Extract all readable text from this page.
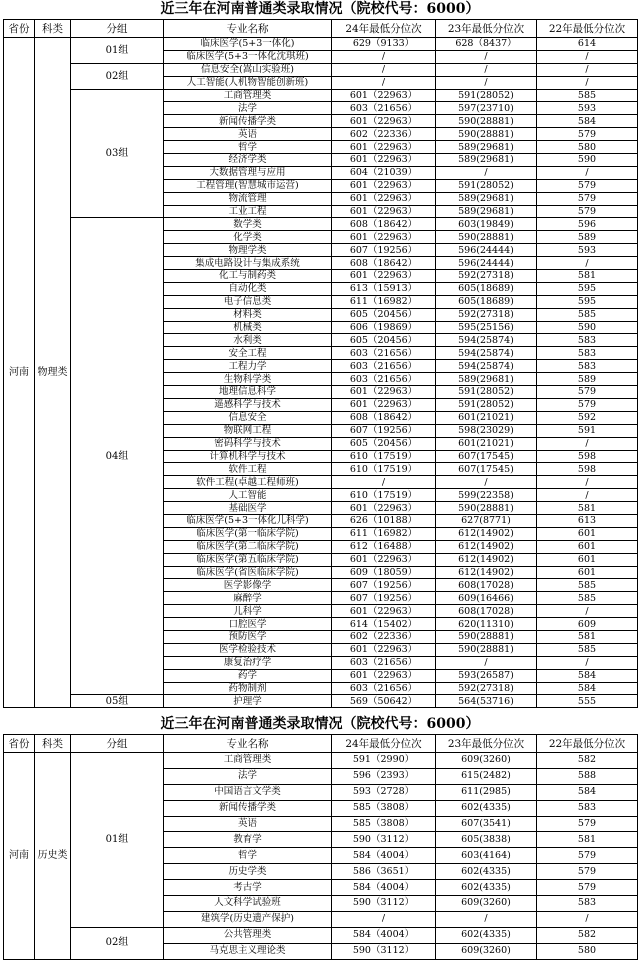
近三年在河南普通类录取情况（院校代号：6000）
省份	科类	分组	专业名称	24年最低分位次	23年最低分位次	22年最低分位次
河南	物理类	01组	临床医学(5+3一体化)	629（9133）	628（8437）	614
			临床医学(5+3一体化沈琪班)	/	/	/
		02组	信息安全(嵩山实验班)	/	/	/
			人工智能(人机物智能创新班)	/	/	/
		03组	工商管理类	601（22963）	591(28052)	585
			法学	603（21656）	597(23710)	593
			新闻传播学类	601（22963）	590(28881)	584
			英语	602（22336）	590(28881)	579
			哲学	601（22963）	589(29681)	580
			经济学类	601（22963）	589(29681)	590
			大数据管理与应用	604（21039）	/	/
			工程管理(智慧城市运营)	601（22963）	591(28052)	579
			物流管理	601（22963）	589(29681)	579
			工业工程	601（22963）	589(29681)	579
		04组	数学类	608（18642）	603(19849)	596
			化学类	601（22963）	590(28881)	589
			物理学类	607（19256）	596(24444)	593
			集成电路设计与集成系统	608（18642）	596(24444)	/
			化工与制药类	601（22963）	592(27318)	581
			自动化类	613（15913）	605(18689)	595
			电子信息类	611（16982）	605(18689)	595
			材料类	605（20456）	592(27318)	585
			机械类	606（19869）	595(25156)	590
			水利类	605（20456）	594(25874)	583
			安全工程	603（21656）	594(25874)	583
			工程力学	603（21656）	594(25874)	583
			生物科学类	603（21656）	589(29681)	589
			地理信息科学	601（22963）	591(28052)	579
			遥感科学与技术	601（22963）	591(28052)	579
			信息安全	608（18642）	601(21021)	592
			物联网工程	607（19256）	598(23029)	591
			密码科学与技术	605（20456）	601(21021)	/
			计算机科学与技术	610（17519）	607(17545)	598
			软件工程	610（17519）	607(17545)	598
			软件工程(卓越工程师班)	/	/	/
			人工智能	610（17519）	599(22358)	/
			基础医学	601（22963）	590(28881)	581
			临床医学(5+3一体化儿科学)	626（10188）	627(8771)	613
			临床医学(第一临床学院)	611（16982）	612(14902)	601
			临床医学(第二临床学院)	612（16488）	612(14902)	601
			临床医学(第五临床学院)	601（22963）	612(14902)	601
			临床医学(省医临床学院)	609（18059）	612(14902)	601
			医学影像学	607（19256）	608(17028)	585
			麻醉学	607（19256）	609(16466)	585
			儿科学	601（22963）	608(17028)	/
			口腔医学	614（15402）	620(11310)	609
			预防医学	602（22336）	590(28881)	581
			医学检验技术	601（22963）	590(28881)	585
			康复治疗学	603（21656）	/	/
			药学	601（22963）	593(26587)	584
			药物制剂	603（21656）	592(27318)	584
		05组	护理学	569（50642）	564(53716)	555
近三年在河南普通类录取情况（院校代号：6000）
省份	科类	分组	专业名称	24年最低分位次	23年最低分位次	22年最低分位次
河南	历史类	01组	工商管理类	591（2990）	609(3260)	582
			法学	596（2393）	615(2482)	588
			中国语言文学类	593（2728）	611(2985)	584
			新闻传播学类	585（3808）	602(4335)	583
			英语	585（3808）	607(3541)	579
			教育学	590（3112）	605(3838)	581
			哲学	584（4004）	603(4164)	579
			历史学类	586（3651）	602(4335)	579
			考古学	584（4004）	602(4335)	579
			人文科学试验班	590（3112）	609(3260)	583
			建筑学(历史遗产保护)	/	/	/
		02组	公共管理类	584（4004）	602(4335)	582
			马克思主义理论类	590（3112）	609(3260)	580
